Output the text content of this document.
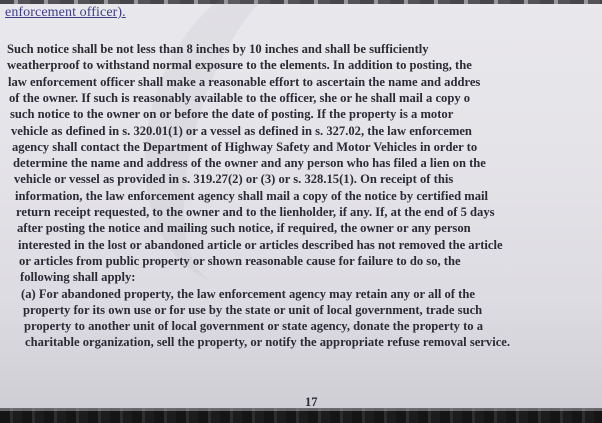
enforcement officer).
Such notice shall be not less than 8 inches by 10 inches and shall be sufficiently
weatherproof to withstand normal exposure to the elements. In addition to posting, the
law enforcement officer shall make a reasonable effort to ascertain the name and addres
of the owner. If such is reasonably available to the officer, she or he shall mail a copy o
such notice to the owner on or before the date of posting. If the property is a motor
vehicle as defined in s. 320.01(1) or a vessel as defined in s. 327.02, the law enforcemen
agency shall contact the Department of Highway Safety and Motor Vehicles in order to
determine the name and address of the owner and any person who has filed a lien on the
vehicle or vessel as provided in s. 319.27(2) or (3) or s. 328.15(1). On receipt of this
information, the law enforcement agency shall mail a copy of the notice by certified mail
return receipt requested, to the owner and to the lienholder, if any. If, at the end of 5 days
after posting the notice and mailing such notice, if required, the owner or any person
interested in the lost or abandoned article or articles described has not removed the article
or articles from public property or shown reasonable cause for failure to do so, the
following shall apply:
(a) For abandoned property, the law enforcement agency may retain any or all of the
property for its own use or for use by the state or unit of local government, trade such
property to another unit of local government or state agency, donate the property to a
charitable organization, sell the property, or notify the appropriate refuse removal service.
17
